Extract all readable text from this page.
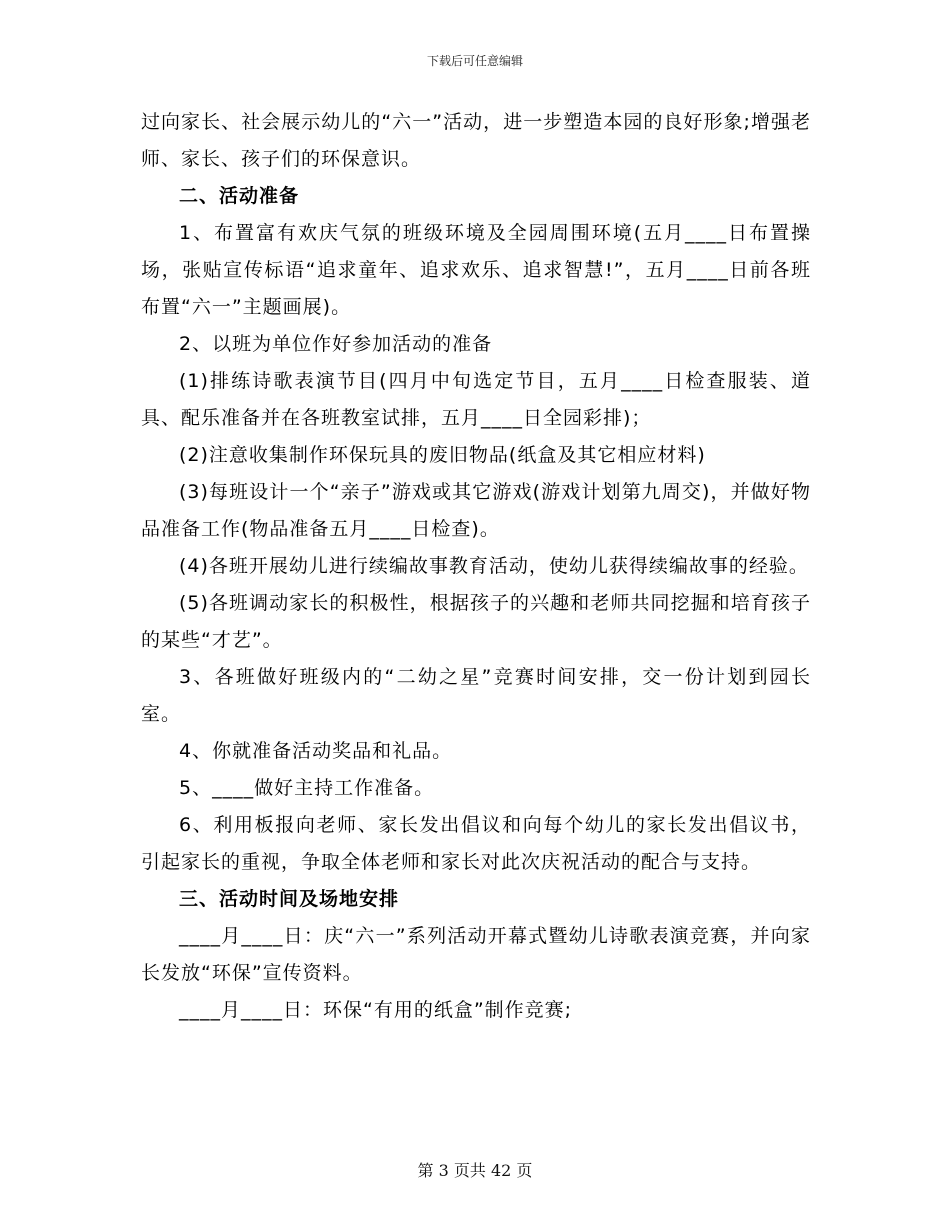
下载后可任意编辑

过向家长、社会展示幼儿的“六一”活动，进一步塑造本园的良好形象;增强老师、家长、孩子们的环保意识。

二、活动准备

1、布置富有欢庆气氛的班级环境及全园周围环境(五月____日布置操场，张贴宣传标语“追求童年、追求欢乐、追求智慧!”，五月____日前各班布置“六一”主题画展)。

2、以班为单位作好参加活动的准备

(1)排练诗歌表演节目(四月中旬选定节目，五月____日检查服装、道具、配乐准备并在各班教室试排，五月____日全园彩排)；

(2)注意收集制作环保玩具的废旧物品(纸盒及其它相应材料)

(3)每班设计一个“亲子”游戏或其它游戏(游戏计划第九周交)，并做好物品准备工作(物品准备五月____日检查)。

(4)各班开展幼儿进行续编故事教育活动，使幼儿获得续编故事的经验。

(5)各班调动家长的积极性，根据孩子的兴趣和老师共同挖掘和培育孩子的某些“才艺”。

3、各班做好班级内的“二幼之星”竞赛时间安排，交一份计划到园长室。

4、你就准备活动奖品和礼品。

5、____做好主持工作准备。

6、利用板报向老师、家长发出倡议和向每个幼儿的家长发出倡议书，引起家长的重视，争取全体老师和家长对此次庆祝活动的配合与支持。

三、活动时间及场地安排

____月____日：庆“六一”系列活动开幕式暨幼儿诗歌表演竞赛，并向家长发放“环保”宣传资料。

____月____日：环保“有用的纸盒”制作竞赛;

第 3 页共 42 页
